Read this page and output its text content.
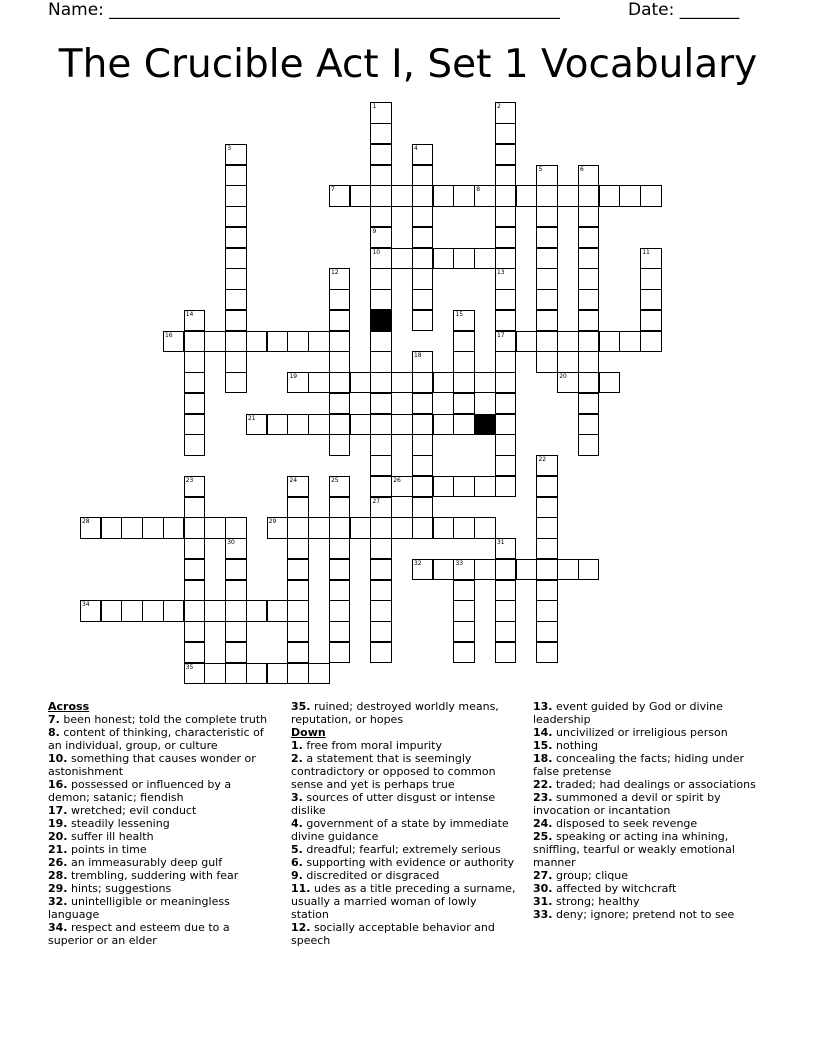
Name: _____________________________________________________	Date: _______
The Crucible Act I, Set 1 Vocabulary
1
9
10
2
3	4
5	6
7	8
27
11
12	13
17
14	15
16
18
19	20
21
22
23	24	25	26
28	29
30	31
32	33
34
35
Across
7. been honest; told the complete truth
8. content of thinking, characteristic of an individual, group, or culture
10. something that causes wonder or astonishment
16. possessed or influenced by a demon; satanic; fiendish
17. wretched; evil conduct
19. steadily lessening
20. suffer ill health
21. points in time
26. an immeasurably deep gulf
28. trembling, suddering with fear
29. hints; suggestions
32. unintelligible or meaningless language
34. respect and esteem due to a superior or an elder
35. ruined; destroyed worldly means, reputation, or hopes
Down
1. free from moral impurity
2. a statement that is seemingly contradictory or opposed to common sense and yet is perhaps true
3. sources of utter disgust or intense dislike
4. government of a state by immediate divine guidance
5. dreadful; fearful; extremely serious
6. supporting with evidence or authority
9. discredited or disgraced
11. udes as a title preceding a surname, usually a married woman of lowly station
12. socially acceptable behavior and speech
13. event guided by God or divine leadership
14. uncivilized or irreligious person
15. nothing
18. concealing the facts; hiding under false pretense
22. traded; had dealings or associations
23. summoned a devil or spirit by invocation or incantation
24. disposed to seek revenge
25. speaking or acting ina whining, sniffling, tearful or weakly emotional manner
27. group; clique
30. affected by witchcraft
31. strong; healthy
33. deny; ignore; pretend not to see
